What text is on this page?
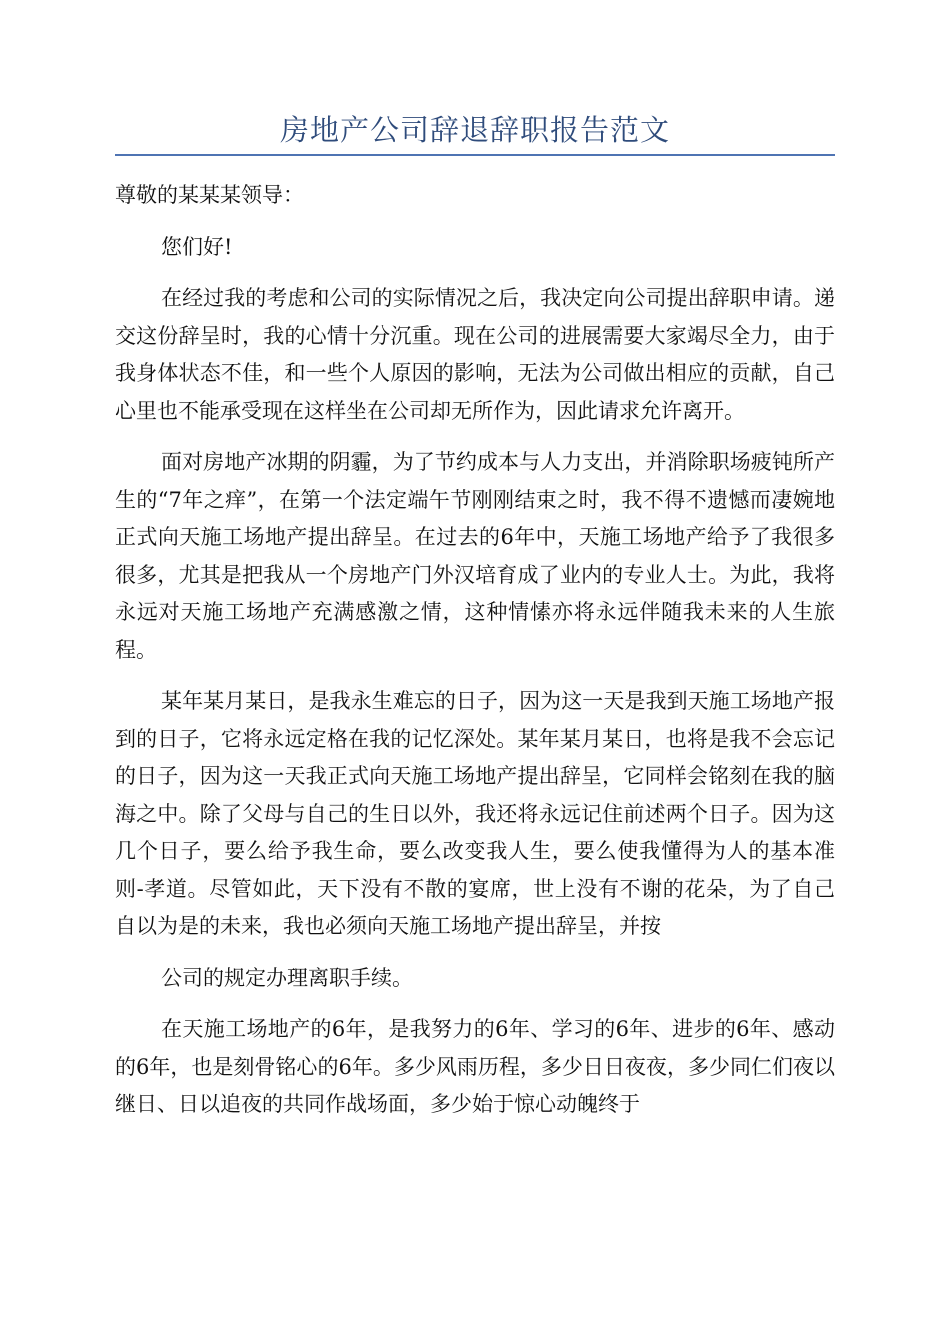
房地产公司辞退辞职报告范文

尊敬的某某某领导：

您们好!

在经过我的考虑和公司的实际情况之后，我决定向公司提出辞职申请。递交这份辞呈时，我的心情十分沉重。现在公司的进展需要大家竭尽全力，由于我身体状态不佳，和一些个人原因的影响，无法为公司做出相应的贡献，自己心里也不能承受现在这样坐在公司却无所作为，因此请求允许离开。

面对房地产冰期的阴霾，为了节约成本与人力支出，并消除职场疲钝所产生的“7年之痒”，在第一个法定端午节刚刚结束之时，我不得不遗憾而凄婉地正式向天施工场地产提出辞呈。在过去的6年中，天施工场地产给予了我很多很多，尤其是把我从一个房地产门外汉培育成了业内的专业人士。为此，我将永远对天施工场地产充满感激之情，这种情愫亦将永远伴随我未来的人生旅程。

某年某月某日，是我永生难忘的日子，因为这一天是我到天施工场地产报到的日子，它将永远定格在我的记忆深处。某年某月某日，也将是我不会忘记的日子，因为这一天我正式向天施工场地产提出辞呈，它同样会铭刻在我的脑海之中。除了父母与自己的生日以外，我还将永远记住前述两个日子。因为这几个日子，要么给予我生命，要么改变我人生，要么使我懂得为人的基本准则-孝道。尽管如此，天下没有不散的宴席，世上没有不谢的花朵，为了自己自以为是的未来，我也必须向天施工场地产提出辞呈，并按

公司的规定办理离职手续。

在天施工场地产的6年，是我努力的6年、学习的6年、进步的6年、感动的6年，也是刻骨铭心的6年。多少风雨历程，多少日日夜夜，多少同仁们夜以继日、日以追夜的共同作战场面，多少始于惊心动魄终于
